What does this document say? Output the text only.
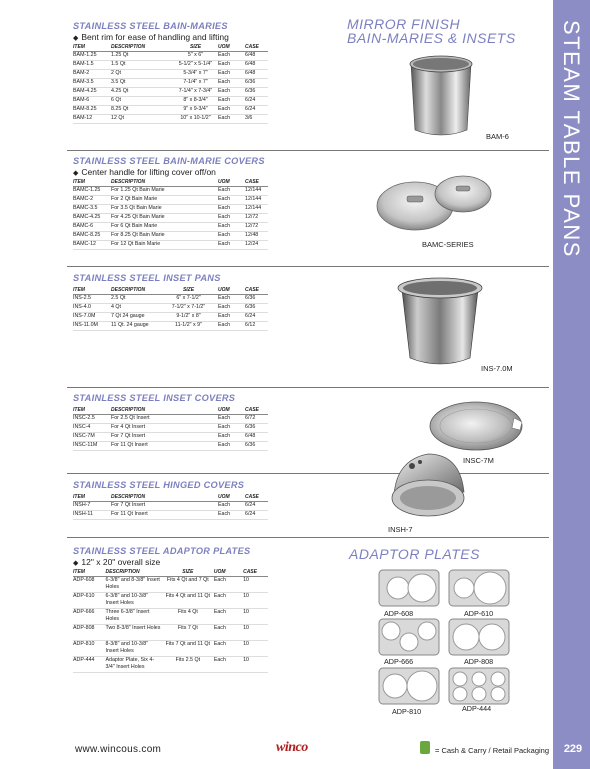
STEAM TABLE PANS
229
MIRROR FINISH
BAIN-MARIES & INSETS
ADAPTOR PLATES
STAINLESS STEEL BAIN-MARIES
◆ Bent rim for ease of handling and lifting
ITEM	DESCRIPTION	SIZE	UOM	CASE
BAM-1.25	1.25 Qt	5" x 6"	Each	6/48
BAM-1.5	1.5 Qt	5-1/2" x 5-1/4"	Each	6/48
BAM-2	2 Qt	5-3/4" x 7"	Each	6/48
BAM-3.5	3.5 Qt	7-1/4" x 7"	Each	6/36
BAM-4.25	4.25 Qt	7-1/4" x 7-3/4"	Each	6/36
BAM-6	6 Qt	8" x 8-3/4"	Each	6/24
BAM-8.25	8.25 Qt	9" x 9-3/4"	Each	6/24
BAM-12	12 Qt	10" x 10-1/2"	Each	3/6
STAINLESS STEEL BAIN-MARIE COVERS
◆ Center handle for lifting cover off/on
ITEM	DESCRIPTION	UOM	CASE
BAMC-1.25	For 1.25 Qt Bain Marie	Each	12/144
BAMC-2	For 2 Qt Bain Marie	Each	12/144
BAMC-3.5	For 3.5 Qt Bain Marie	Each	12/144
BAMC-4.25	For 4.25 Qt Bain Marie	Each	12/72
BAMC-6	For 6 Qt Bain Marie	Each	12/72
BAMC-8.25	For 8.25 Qt Bain Marie	Each	12/48
BAMC-12	For 12 Qt Bain Marie	Each	12/24
STAINLESS STEEL INSET PANS
ITEM	DESCRIPTION	SIZE	UOM	CASE
INS-2.5	2.5 Qt	6" x 7-1/2"	Each	6/36
INS-4.0	4 Qt	7-1/2" x 7-1/2"	Each	6/36
INS-7.0M	7 Qt 24 gauge	9-1/2" x 8"	Each	6/24
INS-11.0M	11 Qt. 24 gauge	11-1/2" x 9"	Each	6/12
STAINLESS STEEL INSET COVERS
ITEM	DESCRIPTION	UOM	CASE
INSC-2.5	For 2.5 Qt Insert	Each	6/72
INSC-4	For 4 Qt Insert	Each	6/36
INSC-7M	For 7 Qt Insert	Each	6/48
INSC-11M	For 11 Qt Insert	Each	6/36
STAINLESS STEEL HINGED COVERS
ITEM	DESCRIPTION	UOM	CASE
INSH-7	For 7 Qt Insert	Each	6/24
INSH-11	For 11 Qt Insert	Each	6/24
STAINLESS STEEL ADAPTOR PLATES
◆ 12" x 20" overall size
ITEM	DESCRIPTION	SIZE	UOM	CASE
ADP-608	6-3/8" and 8-3/8" Insert Holes	Fits 4 Qt and 7 Qt	Each	10
ADP-610	6-3/8" and 10-3/8" Insert Holes	Fits 4 Qt and 11 Qt	Each	10
ADP-666	Three 6-3/8" Insert Holes	Fits 4 Qt	Each	10
ADP-808	Two 8-3/8" Insert Holes	Fits 7 Qt	Each	10
ADP-810	8-3/8" and 10-3/8" Insert Holes	Fits 7 Qt and 11 Qt	Each	10
ADP-444	Adaptor Plate, Six 4-3/4" Insert Holes	Fits 2.5 Qt	Each	10
BAM-6
BAMC-SERIES
INS-7.0M
INSC-7M
INSH-7
ADP-608	ADP-610
ADP-666	ADP-808
ADP-810	ADP-444
www.wincous.com	winco	= Cash & Carry / Retail Packaging
